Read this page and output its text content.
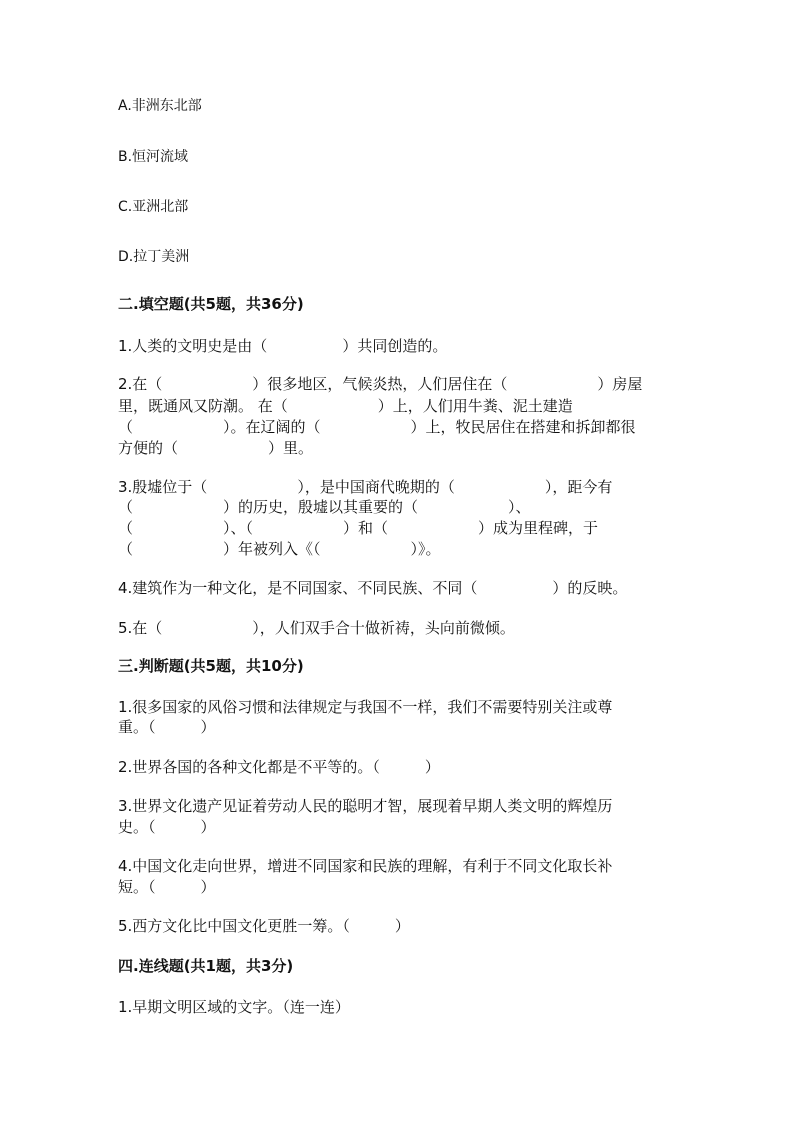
A.非洲东北部
B.恒河流域
C.亚洲北部
D.拉丁美洲
二.填空题(共5题，共36分)
1.人类的文明史是由（　　　　　）共同创造的。
2.在（　　　　　　）很多地区，气候炎热，人们居住在（　　　　　　）房屋
里，既通风又防潮。 在（　　　　　　）上，人们用牛粪、泥土建造
（　　　　　　）。在辽阔的（　　　　　　）上，牧民居住在搭建和拆卸都很
方便的（　　　　　　）里。
3.殷墟位于（　　　　　　），是中国商代晚期的（　　　　　　），距今有
（　　　　　　）的历史，殷墟以其重要的（　　　　　　）、
（　　　　　　）、（　　　　　　）和（　　　　　　）成为里程碑，于
（　　　　　　）年被列入《（　　　　　　）》。
4.建筑作为一种文化，是不同国家、不同民族、不同（　　　　　）的反映。
5.在（　　　　　　），人们双手合十做祈祷，头向前微倾。
三.判断题(共5题，共10分)
1.很多国家的风俗习惯和法律规定与我国不一样，我们不需要特别关注或尊
重。（　　　）
2.世界各国的各种文化都是不平等的。（　　　）
3.世界文化遗产见证着劳动人民的聪明才智，展现着早期人类文明的辉煌历
史。（　　　）
4.中国文化走向世界，增进不同国家和民族的理解，有利于不同文化取长补
短。（　　　）
5.西方文化比中国文化更胜一筹。（　　　）
四.连线题(共1题，共3分)
1.早期文明区域的文字。（连一连）
